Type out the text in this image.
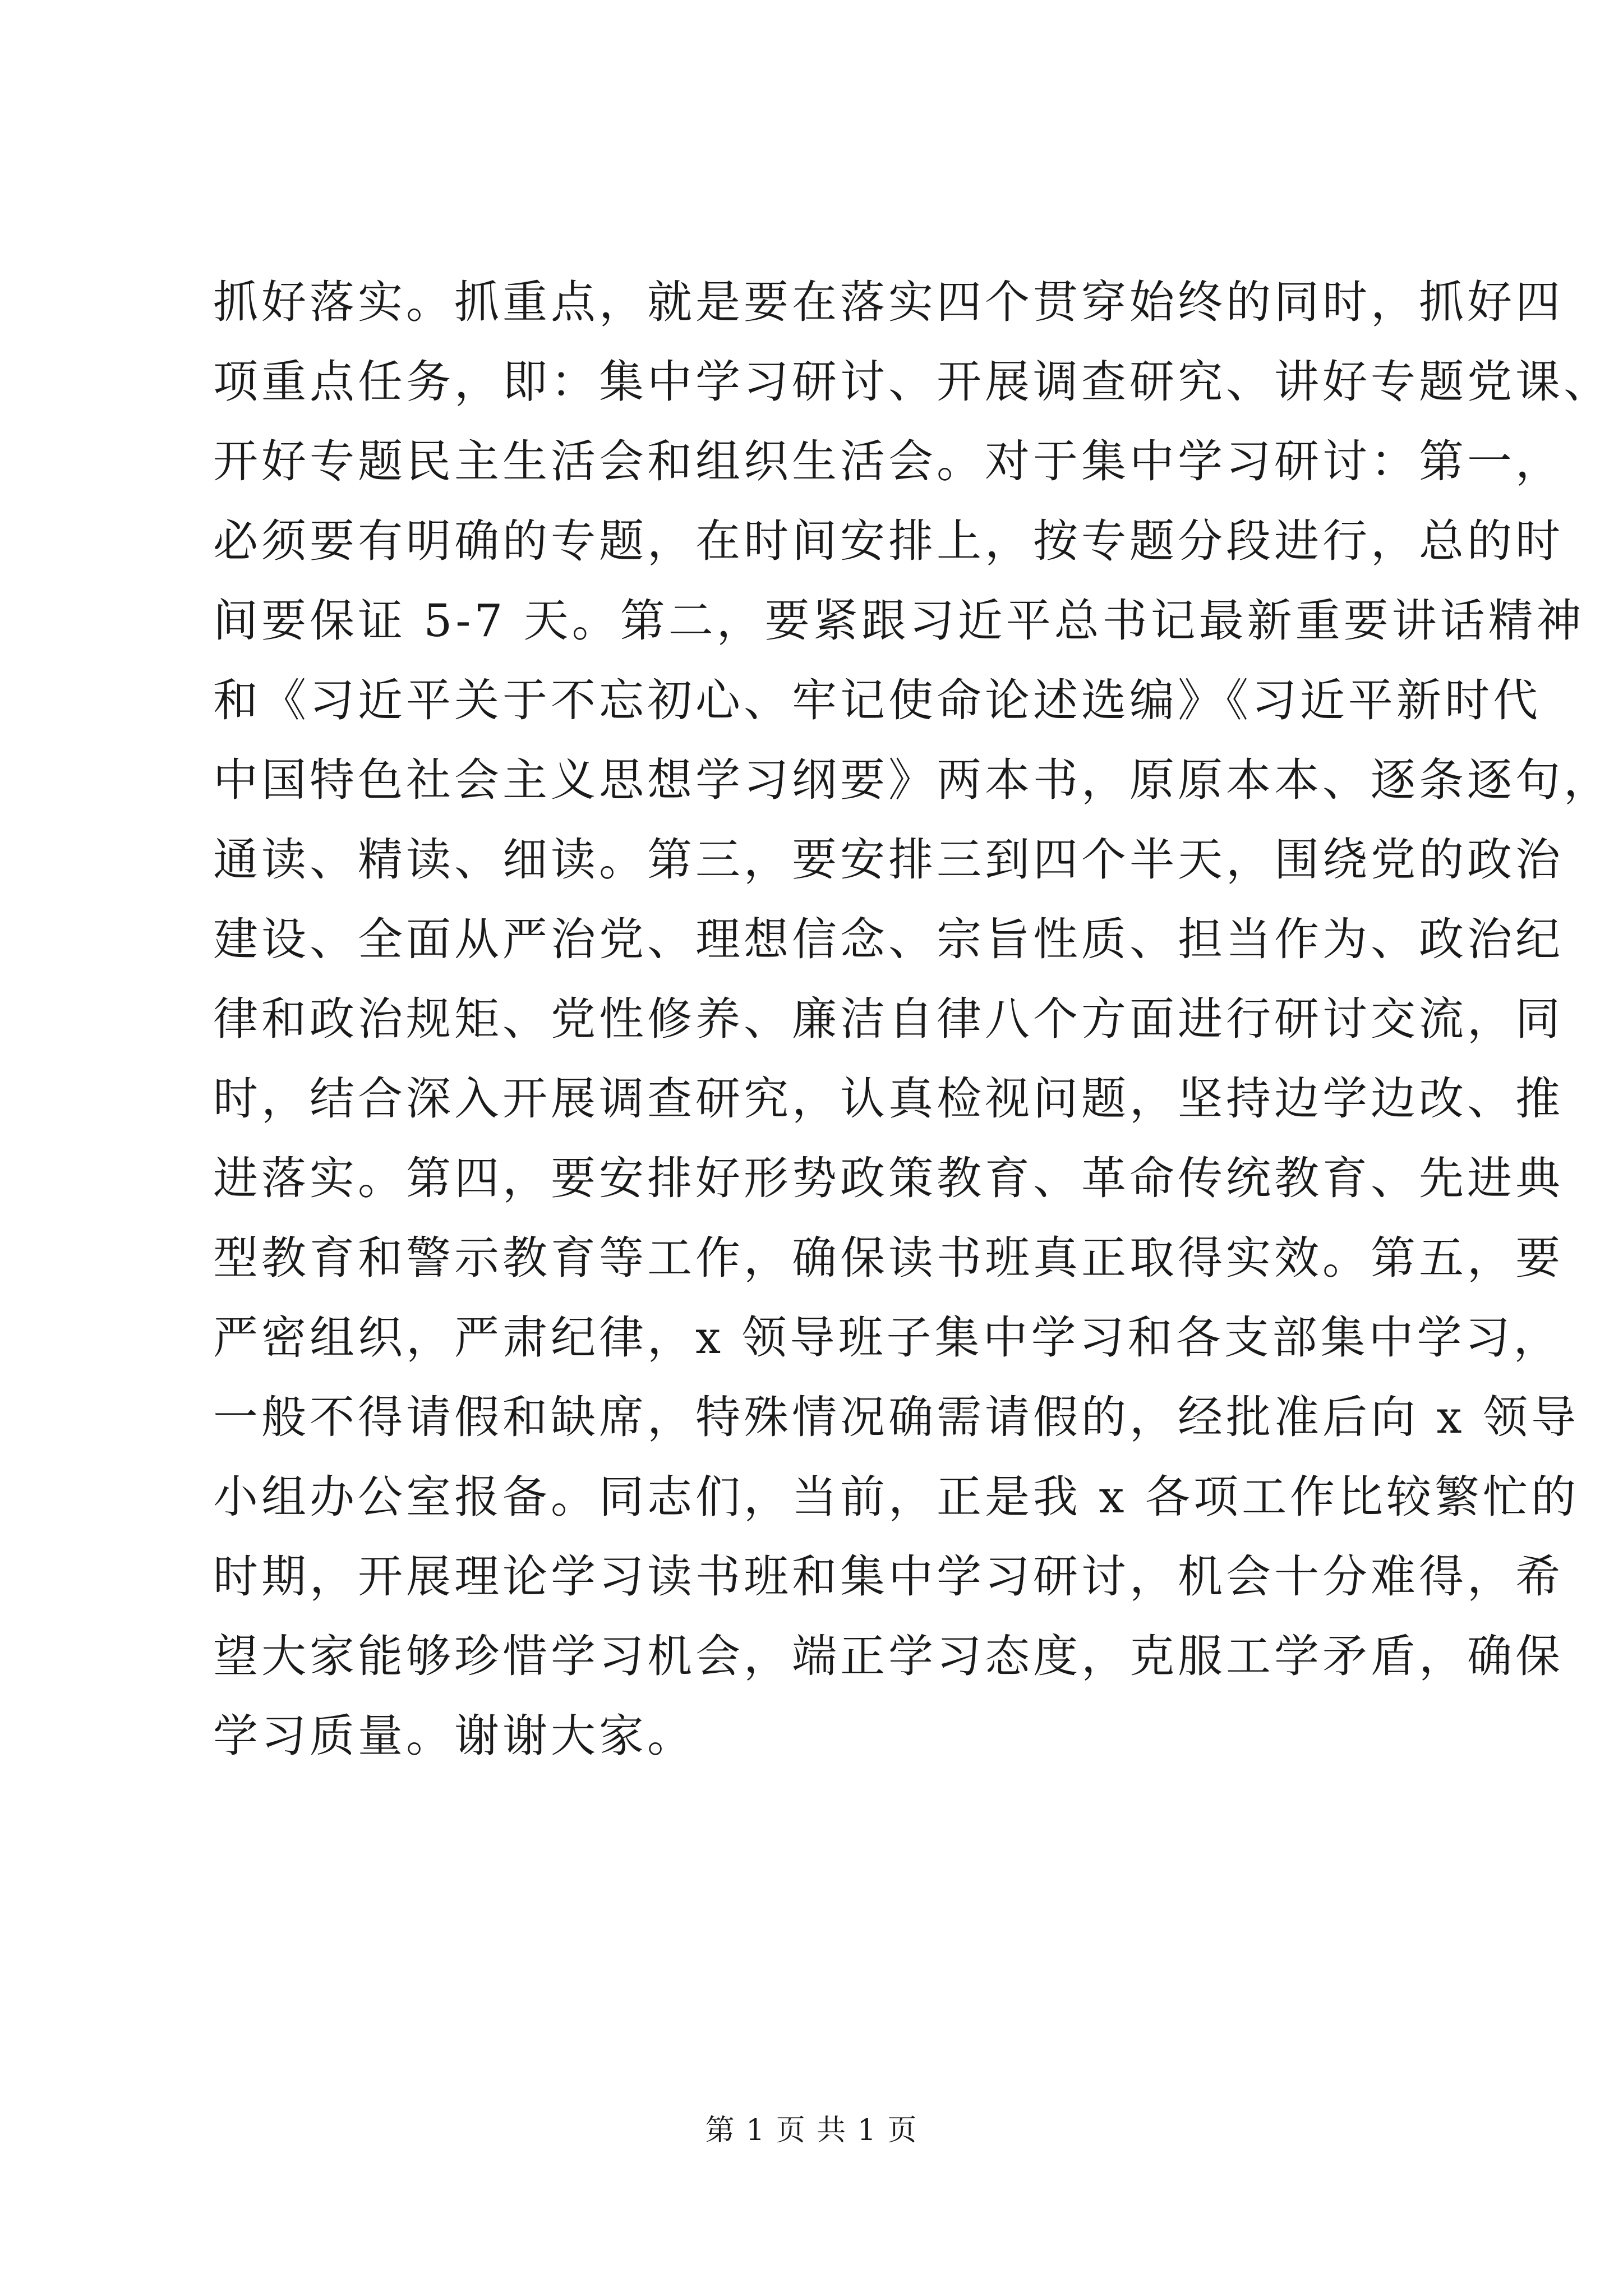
抓好落实。抓重点，就是要在落实四个贯穿始终的同时，抓好四
项重点任务，即：集中学习研讨、开展调查研究、讲好专题党课、
开好专题民主生活会和组织生活会。对于集中学习研讨：第一，
必须要有明确的专题，在时间安排上，按专题分段进行，总的时
间要保证 5-7 天。第二，要紧跟习近平总书记最新重要讲话精神
和《习近平关于不忘初心、牢记使命论述选编》《习近平新时代
中国特色社会主义思想学习纲要》两本书，原原本本、逐条逐句，
通读、精读、细读。第三，要安排三到四个半天，围绕党的政治
建设、全面从严治党、理想信念、宗旨性质、担当作为、政治纪
律和政治规矩、党性修养、廉洁自律八个方面进行研讨交流，同
时，结合深入开展调查研究，认真检视问题，坚持边学边改、推
进落实。第四，要安排好形势政策教育、革命传统教育、先进典
型教育和警示教育等工作，确保读书班真正取得实效。第五，要
严密组织，严肃纪律，x 领导班子集中学习和各支部集中学习，
一般不得请假和缺席，特殊情况确需请假的，经批准后向 x 领导
小组办公室报备。同志们，当前，正是我 x 各项工作比较繁忙的
时期，开展理论学习读书班和集中学习研讨，机会十分难得，希
望大家能够珍惜学习机会，端正学习态度，克服工学矛盾，确保
学习质量。谢谢大家。
第 1 页 共 1 页
